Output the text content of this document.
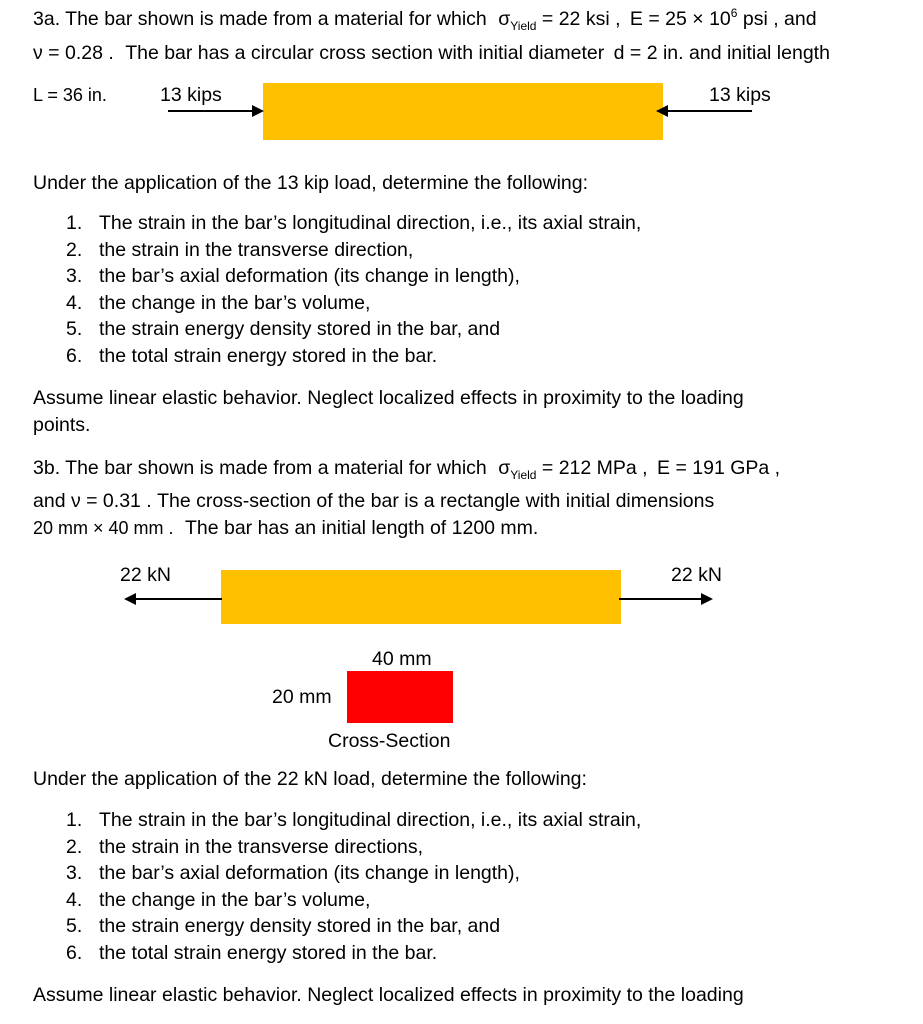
3a. The bar shown is made from a material for which $\sigma_{Yield} = 22$ ksi , $E = 25 \times 10^6$ psi , and
ν = 0.28 . The bar has a circular cross section with initial diameter d = 2 in. and initial length
L = 36 in.	13 kips	13 kips
Under the application of the 13 kip load, determine the following:
1. The strain in the bar’s longitudinal direction, i.e., its axial strain,
2. the strain in the transverse direction,
3. the bar’s axial deformation (its change in length),
4. the change in the bar’s volume,
5. the strain energy density stored in the bar, and
6. the total strain energy stored in the bar.
Assume linear elastic behavior. Neglect localized effects in proximity to the loading
points.
3b. The bar shown is made from a material for which $\sigma_{Yield} = 212$ MPa , E = 191 GPa ,
and ν = 0.31 . The cross-section of the bar is a rectangle with initial dimensions
20 mm × 40 mm . The bar has an initial length of 1200 mm.
22 kN	22 kN
40 mm
20 mm
Cross-Section
Under the application of the 22 kN load, determine the following:
1. The strain in the bar’s longitudinal direction, i.e., its axial strain,
2. the strain in the transverse directions,
3. the bar’s axial deformation (its change in length),
4. the change in the bar’s volume,
5. the strain energy density stored in the bar, and
6. the total strain energy stored in the bar.
Assume linear elastic behavior. Neglect localized effects in proximity to the loading
